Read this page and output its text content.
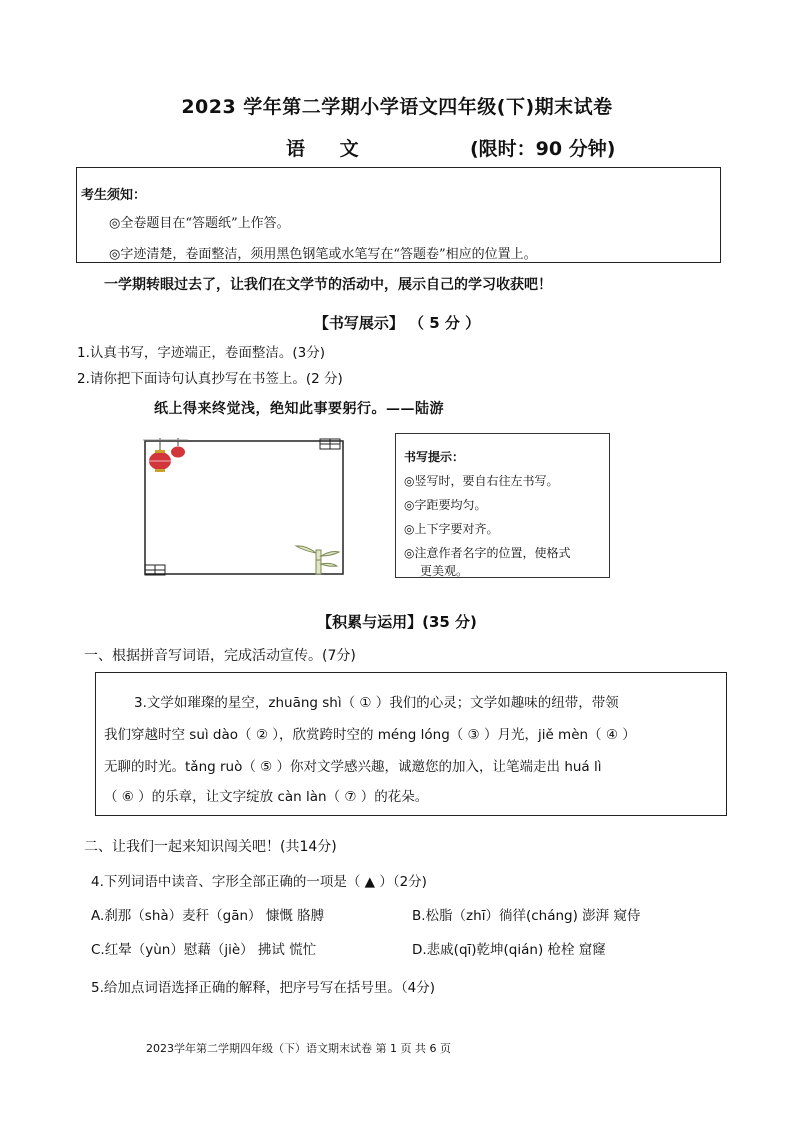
2023 学年第二学期小学语文四年级(下)期末试卷
语 文	(限时：90 分钟)
考生须知：
◎全卷题目在“答题纸”上作答。
◎字迹清楚，卷面整洁，须用黑色钢笔或水笔写在“答题卷”相应的位置上。
一学期转眼过去了，让我们在文学节的活动中，展示自己的学习收获吧！
【书写展示】 （ 5 分 ）
1.认真书写，字迹端正，卷面整洁。(3分)
2.请你把下面诗句认真抄写在书签上。(2 分)
纸上得来终觉浅，绝知此事要躬行。——陆游
书写提示：
◎竖写时，要自右往左书写。
◎字距要均匀。
◎上下字要对齐。
◎注意作者名字的位置，使格式
更美观。
【积累与运用】(35 分)
一、根据拼音写词语，完成活动宣传。(7分)
3.文学如璀璨的星空，zhuāng shì（ ① ）我们的心灵；文学如趣味的纽带，带领
我们穿越时空 suì dào（ ② ），欣赏跨时空的 méng lóng（ ③ ）月光，jiě mèn（ ④ ）
无聊的时光。tǎng ruò（ ⑤ ）你对文学感兴趣，诚邀您的加入，让笔端走出 huá lì
（ ⑥ ）的乐章，让文字绽放 càn làn（ ⑦ ）的花朵。
二、让我们一起来知识闯关吧！(共14分)
4.下列词语中读音、字形全部正确的一项是（ ▲ ）（2分)
A.刹那（shà）麦秆（gān） 慷慨 胳膊	B.松脂（zhī）徜徉(cháng) 澎湃 窥侍
C.红晕（yùn）慰藉（jiè） 拂试 慌忙	D.悲戚(qī)乾坤(qián) 枪栓 窟窿
5.给加点词语选择正确的解释，把序号写在括号里。（4分)
2023学年第二学期四年级（下）语文期末试卷 第 1 页 共 6 页
